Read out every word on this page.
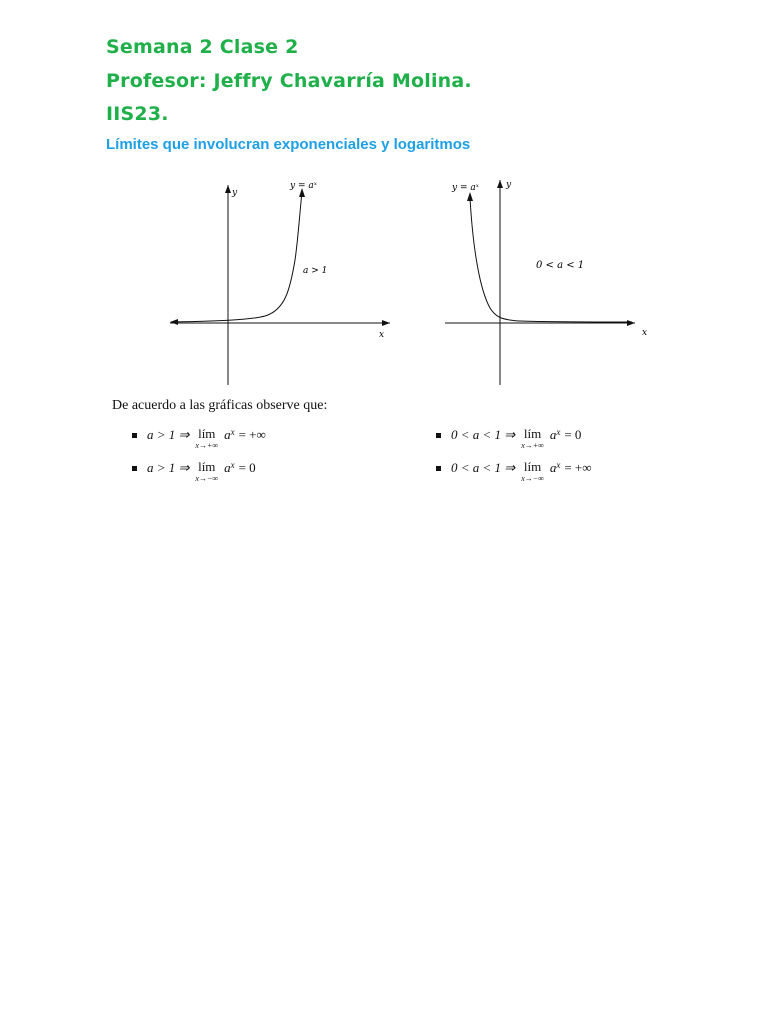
Semana 2 Clase 2
Profesor: Jeffry Chavarría Molina.
IIS23.
Límites que involucran exponenciales y logaritmos
y
x
y = aˣ
a > 1
y
x
y = aˣ
0 < a < 1

De acuerdo a las gráficas observe que:

a > 1 ⇒ lím
x→+∞
a x = +∞
a > 1 ⇒ lím
x→−∞
a x = 0
0 < a < 1 ⇒ lím
x→+∞
a x = 0
0 < a < 1 ⇒ lím
x→−∞
a x = +∞
